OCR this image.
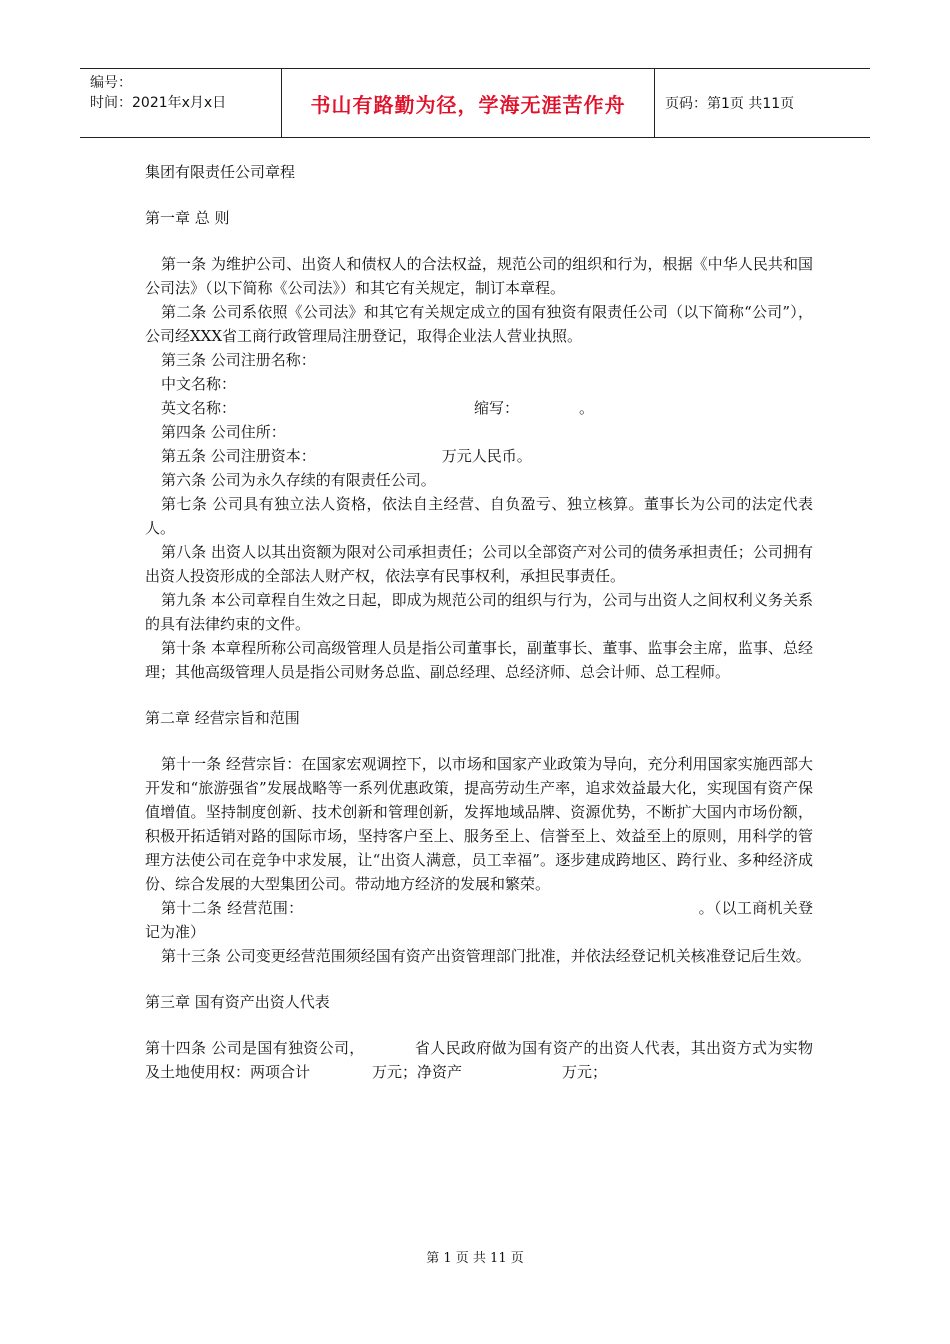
编号：
时间：2021年x月x日	书山有路勤为径，学海无涯苦作舟	页码：第1页 共11页

集团有限责任公司章程

第一章 总 则

第一条 为维护公司、出资人和债权人的合法权益，规范公司的组织和行为，根据《中华人民共和国公司法》（以下简称《公司法》）和其它有关规定，制订本章程。

第二条 公司系依照《公司法》和其它有关规定成立的国有独资有限责任公司（以下简称“公司”），公司经XXX省工商行政管理局注册登记，取得企业法人营业执照。

第三条 公司注册名称：

中文名称：

英文名称：	缩写：	。

第四条 公司住所：

第五条 公司注册资本：	万元人民币。

第六条 公司为永久存续的有限责任公司。

第七条 公司具有独立法人资格，依法自主经营、自负盈亏、独立核算。董事长为公司的法定代表人。

第八条 出资人以其出资额为限对公司承担责任；公司以全部资产对公司的债务承担责任；公司拥有出资人投资形成的全部法人财产权，依法享有民事权利，承担民事责任。

第九条 本公司章程自生效之日起，即成为规范公司的组织与行为，公司与出资人之间权利义务关系的具有法律约束的文件。

第十条 本章程所称公司高级管理人员是指公司董事长，副董事长、董事、监事会主席，监事、总经理；其他高级管理人员是指公司财务总监、副总经理、总经济师、总会计师、总工程师。

第二章 经营宗旨和范围

第十一条 经营宗旨：在国家宏观调控下，以市场和国家产业政策为导向，充分利用国家实施西部大开发和“旅游强省”发展战略等一系列优惠政策，提高劳动生产率，追求效益最大化，实现国有资产保值增值。坚持制度创新、技术创新和管理创新，发挥地域品牌、资源优势，不断扩大国内市场份额，积极开拓适销对路的国际市场，坚持客户至上、服务至上、信誉至上、效益至上的原则，用科学的管理方法使公司在竞争中求发展，让“出资人满意，员工幸福”。逐步建成跨地区、跨行业、多种经济成份、综合发展的大型集团公司。带动地方经济的发展和繁荣。

第十二条 经营范围：	。（以工商机关登记为准）

第十三条 公司变更经营范围须经国有资产出资管理部门批准，并依法经登记机关核准登记后生效。

第三章 国有资产出资人代表

第十四条 公司是国有独资公司，	省人民政府做为国有资产的出资人代表，其出资方式为实物及土地使用权：两项合计	万元；净资产	万元；

第 1 页 共 11 页
